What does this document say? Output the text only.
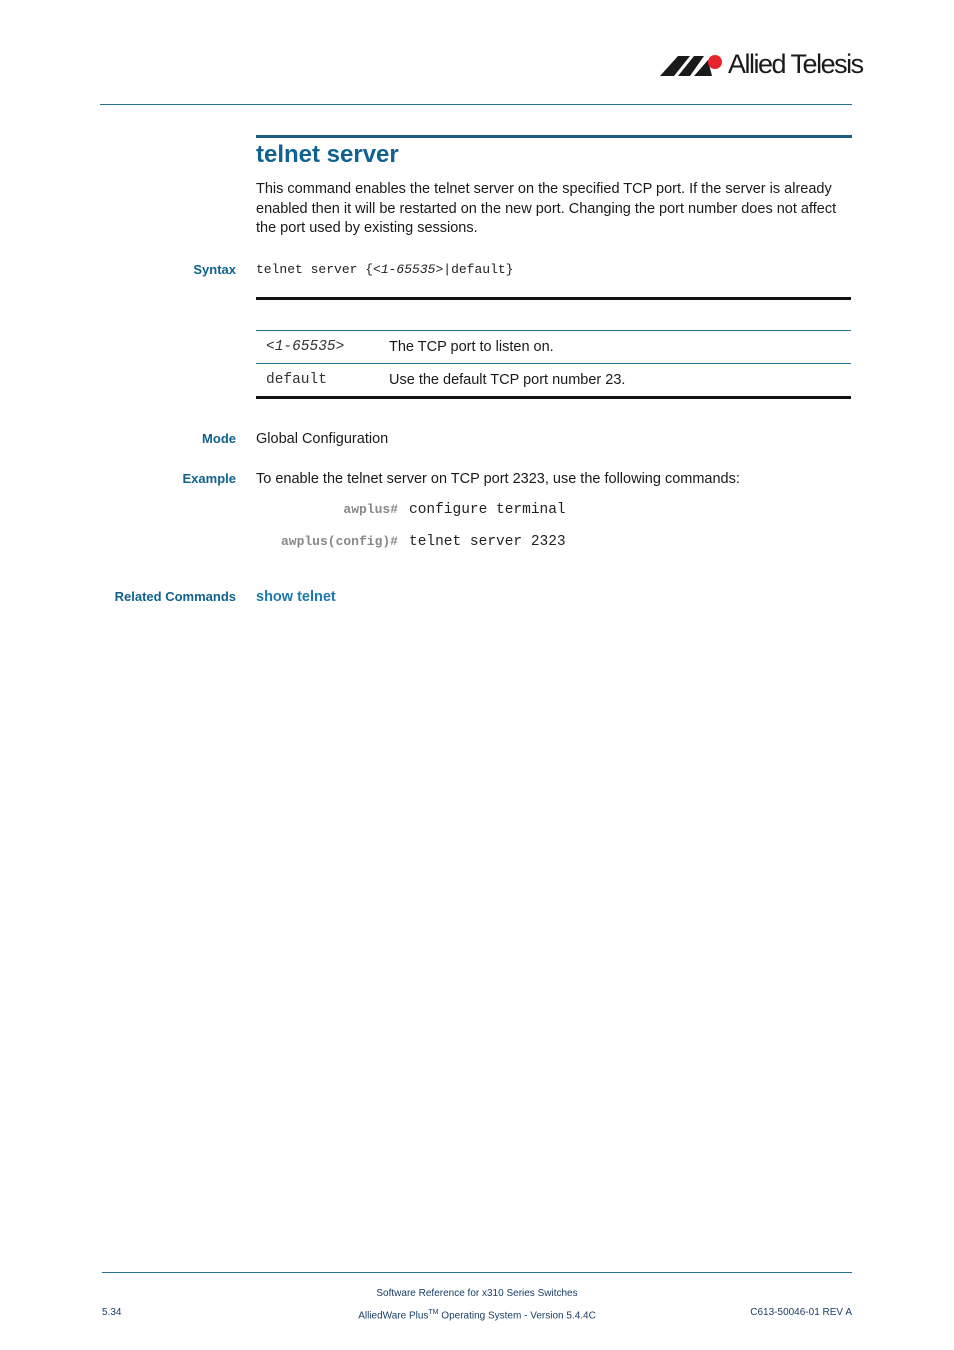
Allied Telesis
telnet server

This command enables the telnet server on the specified TCP port. If the server is already enabled then it will be restarted on the new port. Changing the port number does not affect the port used by existing sessions.

Syntax telnet server {<1-65535>|default}
<1-65535>	The TCP port to listen on.
default	Use the default TCP port number 23.
Mode Global Configuration
Example To enable the telnet server on TCP port 2323, use the following commands:
awplus# configure terminal
awplus(config)# telnet server 2323
Related Commands show telnet
Software Reference for x310 Series Switches
5.34	AlliedWare Plus™ Operating System - Version 5.4.4C	C613-50046-01 REV A
